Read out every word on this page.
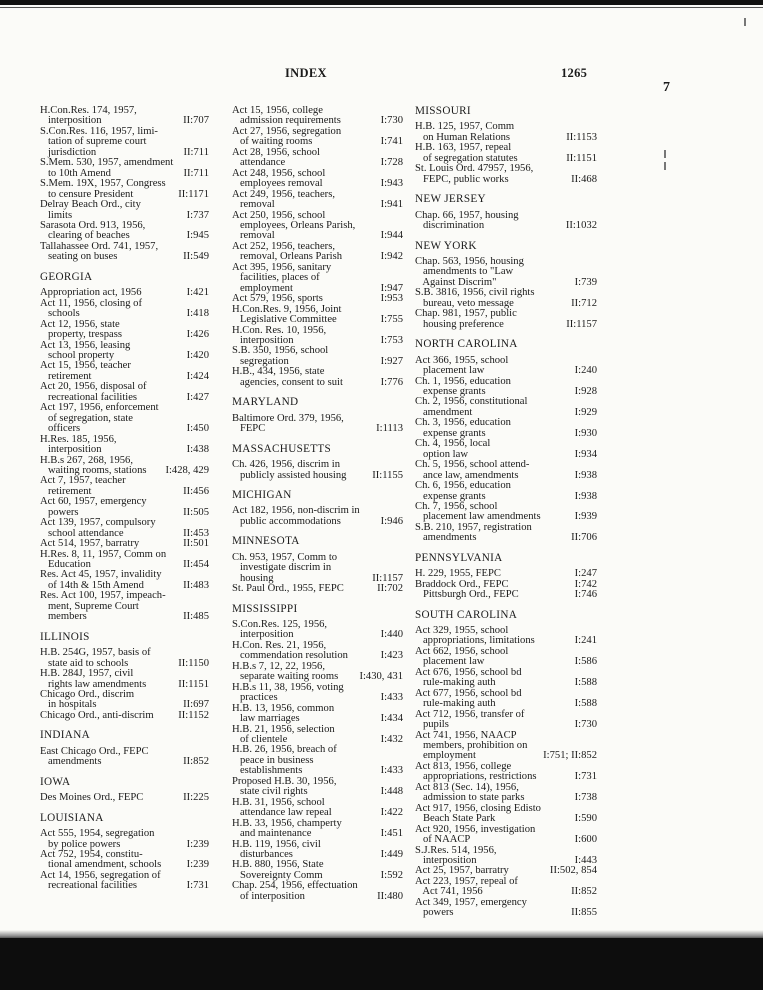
INDEX	1265
7
H.Con.Res. 174, 1957,
interposition	II:707
S.Con.Res. 116, 1957, limi-
tation of supreme court
jurisdiction	II:711
S.Mem. 530, 1957, amendment
to 10th Amend	II:711
S.Mem. 19X, 1957, Congress
to censure President	II:1171
Delray Beach Ord., city
limits	I:737
Sarasota Ord. 913, 1956,
clearing of beaches	I:945
Tallahassee Ord. 741, 1957,
seating on buses	II:549
GEORGIA
Appropriation act, 1956	I:421
Act 11, 1956, closing of
schools	I:418
Act 12, 1956, state
property, trespass	I:426
Act 13, 1956, leasing
school property	I:420
Act 15, 1956, teacher
retirement	I:424
Act 20, 1956, disposal of
recreational facilities	I:427
Act 197, 1956, enforcement
of segregation, state
officers	I:450
H.Res. 185, 1956,
interposition	I:438
H.B.s 267, 268, 1956,
waiting rooms, stations I:428, 429
Act 7, 1957, teacher
retirement	II:456
Act 60, 1957, emergency
powers	II:505
Act 139, 1957, compulsory
school attendance	II:453
Act 514, 1957, barratry	II:501
H.Res. 8, 11, 1957, Comm on
Education	II:454
Res. Act 45, 1957, invalidity
of 14th & 15th Amend	II:483
Res. Act 100, 1957, impeach-
ment, Supreme Court
members	II:485
ILLINOIS
H.B. 254G, 1957, basis of
state aid to schools	II:1150
H.B. 284J, 1957, civil
rights law amendments	II:1151
Chicago Ord., discrim
in hospitals	II:697
Chicago Ord., anti-discrim II:1152
INDIANA
East Chicago Ord., FEPC
amendments	II:852
IOWA
Des Moines Ord., FEPC	II:225
LOUISIANA
Act 555, 1954, segregation
by police powers	I:239
Act 752, 1954, constitu-
tional amendment, schools I:239
Act 14, 1956, segregation of
recreational facilities	I:731
Act 15, 1956, college
admission requirements	I:730
Act 27, 1956, segregation
of waiting rooms	I:741
Act 28, 1956, school
attendance	I:728
Act 248, 1956, school
employees removal	I:943
Act 249, 1956, teachers,
removal	I:941
Act 250, 1956, school
employees, Orleans Parish,
removal	I:944
Act 252, 1956, teachers,
removal, Orleans Parish	I:942
Act 395, 1956, sanitary
facilities, places of
employment	I:947
Act 579, 1956, sports	I:953
H.Con.Res. 9, 1956, Joint
Legislative Committee	I:755
H.Con. Res. 10, 1956,
interposition	I:753
S.B. 350, 1956, school
segregation	I:927
H.B., 434, 1956, state
agencies, consent to suit	I:776
MARYLAND
Baltimore Ord. 379, 1956,
FEPC	I:1113
MASSACHUSETTS
Ch. 426, 1956, discrim in
publicly assisted housing II:1155
MICHIGAN
Act 182, 1956, non-discrim in
public accommodations	I:946
MINNESOTA
Ch. 953, 1957, Comm to
investigate discrim in
housing	II:1157
St. Paul Ord., 1955, FEPC	II:702
MISSISSIPPI
S.Con.Res. 125, 1956,
interposition	I:440
H.Con. Res. 21, 1956,
commendation resolution	I:423
H.B.s 7, 12, 22, 1956,
separate waiting rooms I:430, 431
H.B.s 11, 38, 1956, voting
practices	I:433
H.B. 13, 1956, common
law marriages	I:434
H.B. 21, 1956, selection
of clientele	I:432
H.B. 26, 1956, breach of
peace in business
establishments	I:433
Proposed H.B. 30, 1956,
state civil rights	I:448
H.B. 31, 1956, school
attendance law repeal	I:422
H.B. 33, 1956, champerty
and maintenance	I:451
H.B. 119, 1956, civil
disturbances	I:449
H.B. 880, 1956, State
Sovereignty Comm	I:592
Chap. 254, 1956, effectuation
of interposition	II:480
MISSOURI
H.B. 125, 1957, Comm
on Human Relations	II:1153
H.B. 163, 1957, repeal
of segregation statutes	II:1151
St. Louis Ord. 47957, 1956,
FEPC, public works	II:468
NEW JERSEY
Chap. 66, 1957, housing
discrimination	II:1032
NEW YORK
Chap. 563, 1956, housing
amendments to "Law
Against Discrim"	I:739
S.B. 3816, 1956, civil rights
bureau, veto message	II:712
Chap. 981, 1957, public
housing preference	II:1157
NORTH CAROLINA
Act 366, 1955, school
placement law	I:240
Ch. 1, 1956, education
expense grants	I:928
Ch. 2, 1956, constitutional
amendment	I:929
Ch. 3, 1956, education
expense grants	I:930
Ch. 4, 1956, local
option law	I:934
Ch. 5, 1956, school attend-
ance law, amendments	I:938
Ch. 6, 1956, education
expense grants	I:938
Ch. 7, 1956, school
placement law amendments	I:939
S.B. 210, 1957, registration
amendments	II:706
PENNSYLVANIA
H. 229, 1955, FEPC	I:247
Braddock Ord., FEPC	I:742
Pittsburgh Ord., FEPC	I:746
SOUTH CAROLINA
Act 329, 1955, school
appropriations, limitations	I:241
Act 662, 1956, school
placement law	I:586
Act 676, 1956, school bd
rule-making auth	I:588
Act 677, 1956, school bd
rule-making auth	I:588
Act 712, 1956, transfer of
pupils	I:730
Act 741, 1956, NAACP
members, prohibition on
employment	I:751; II:852
Act 813, 1956, college
appropriations, restrictions	I:731
Act 813 (Sec. 14), 1956,
admission to state parks	I:738
Act 917, 1956, closing Edisto
Beach State Park	I:590
Act 920, 1956, investigation
of NAACP	I:600
S.J.Res. 514, 1956,
interposition	I:443
Act 25, 1957, barratry	II:502, 854
Act 223, 1957, repeal of
Act 741, 1956	II:852
Act 349, 1957, emergency
powers	II:855
